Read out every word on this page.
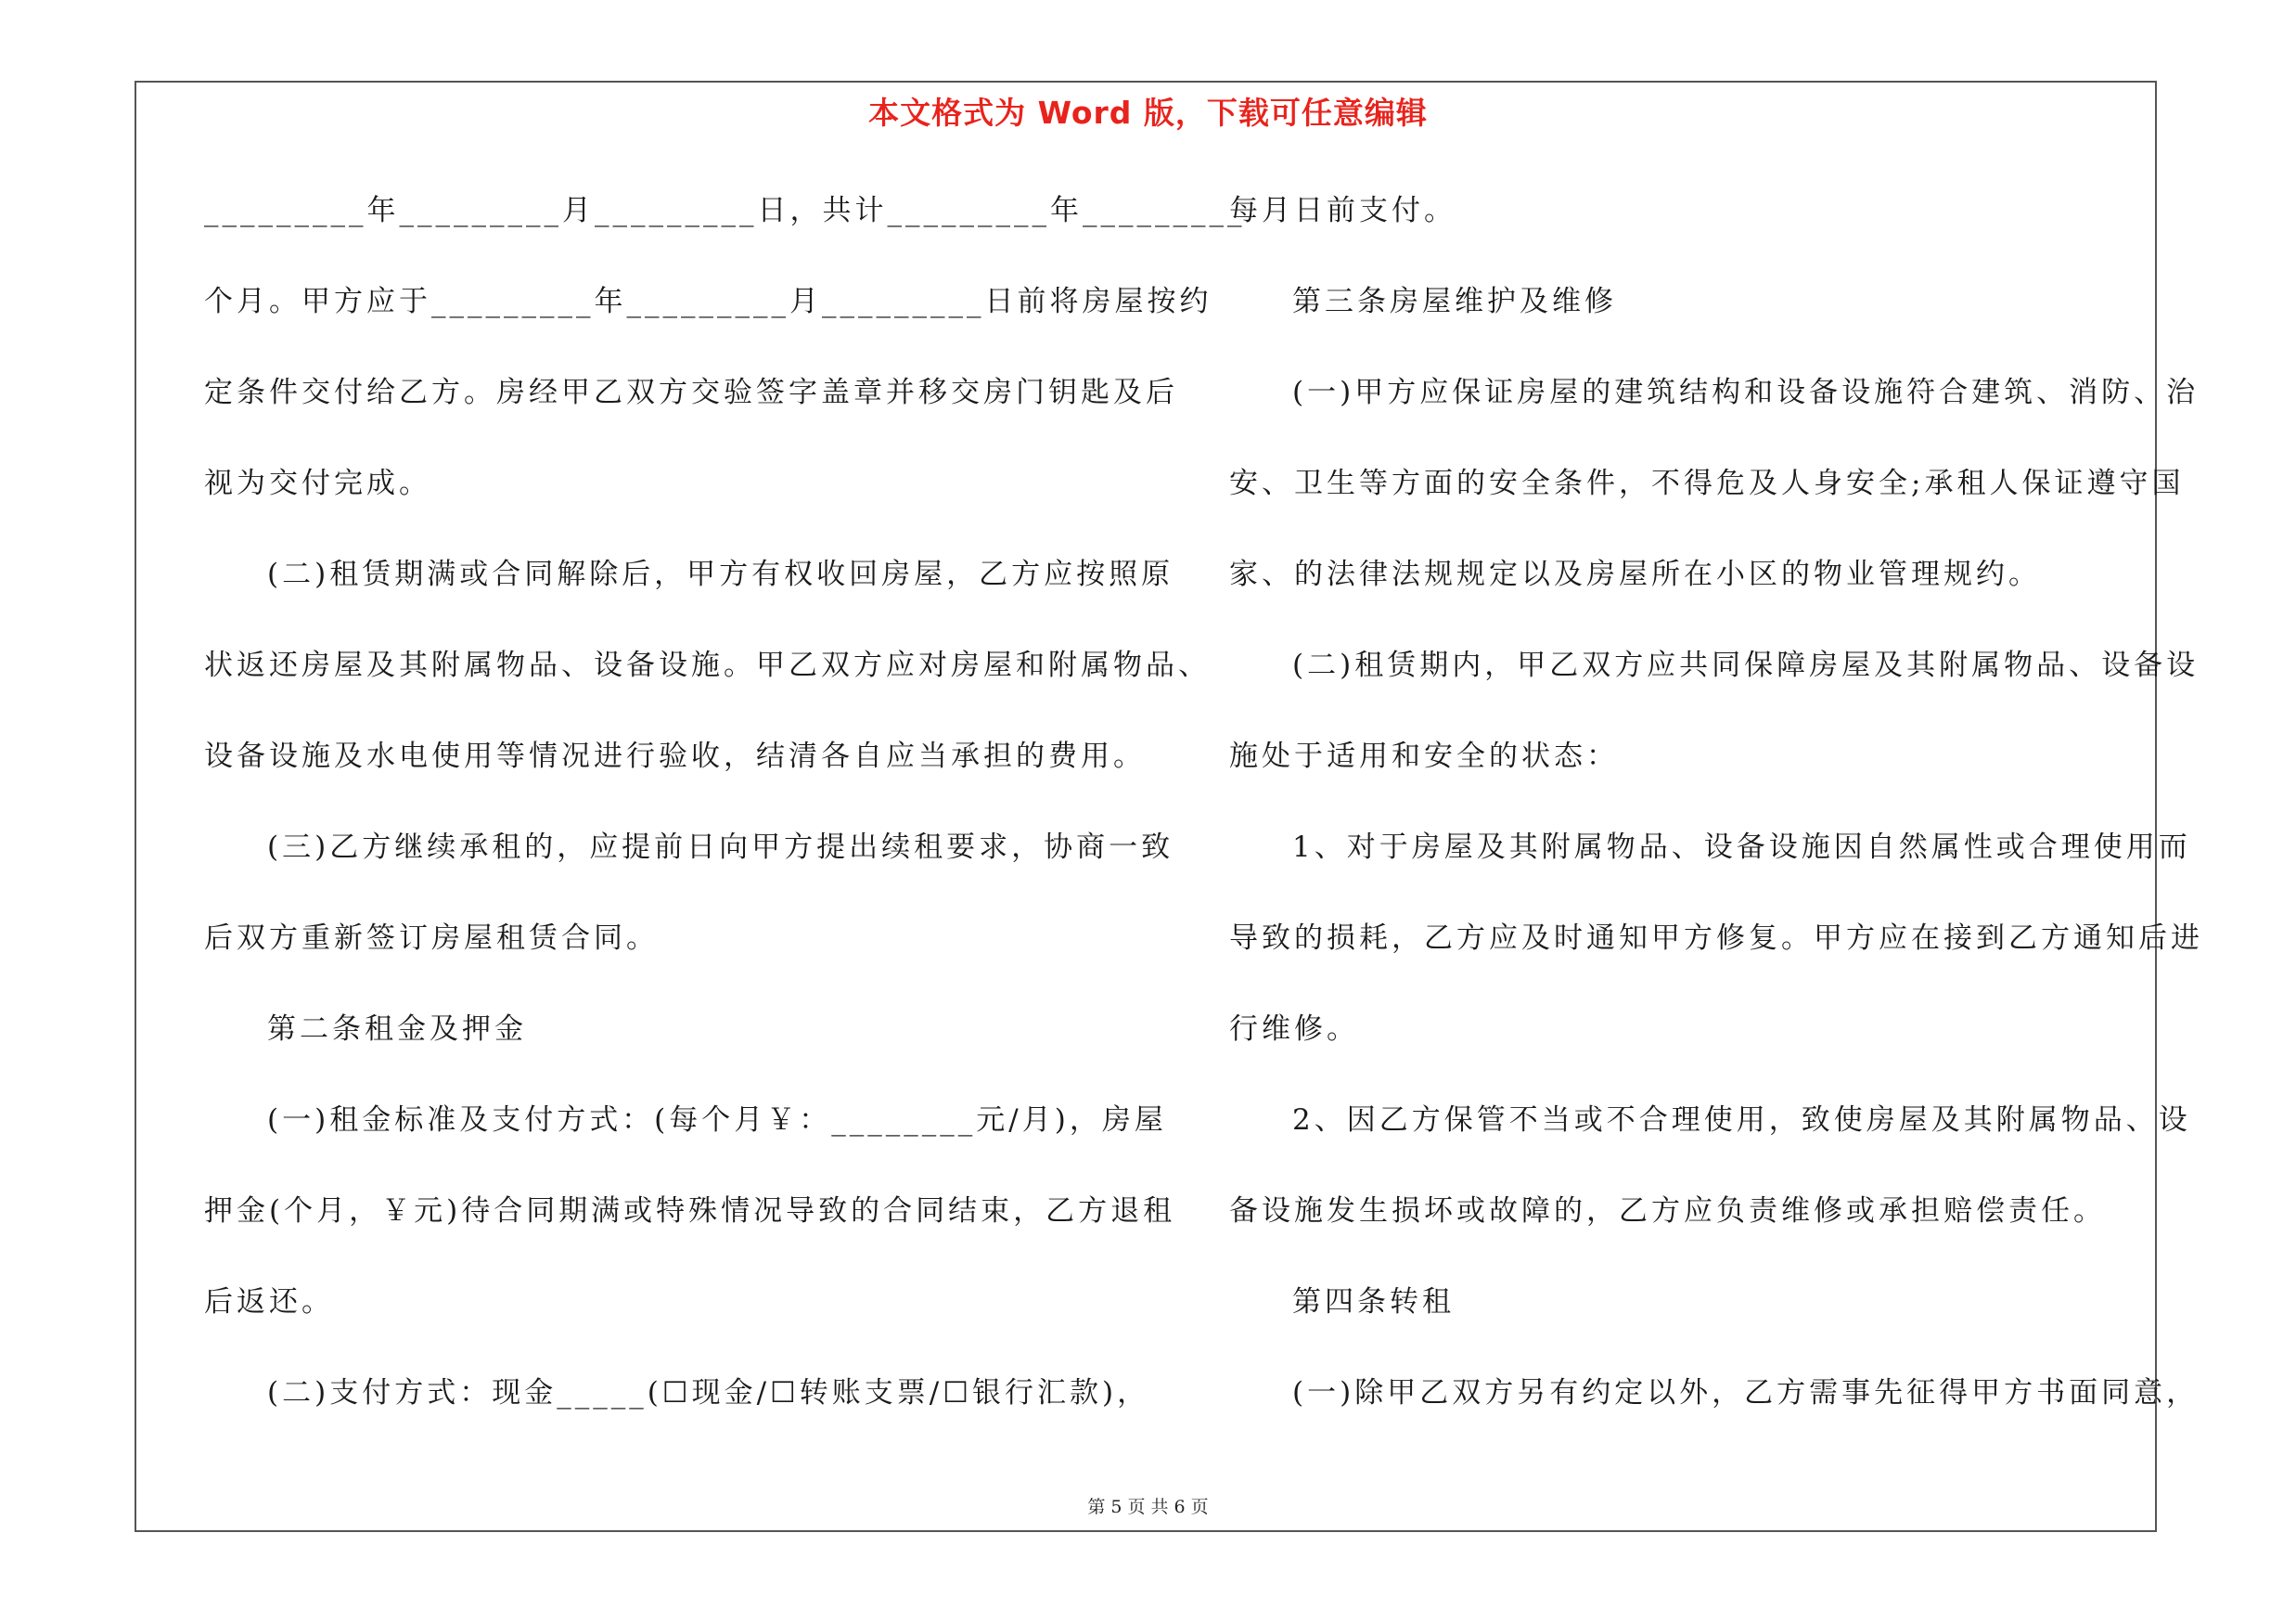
本文格式为 Word 版，下载可任意编辑
_________年_________月_________日，共计_________年_________
个月。甲方应于_________年_________月_________日前将房屋按约
定条件交付给乙方。房经甲乙双方交验签字盖章并移交房门钥匙及后
视为交付完成。
(二)租赁期满或合同解除后，甲方有权收回房屋，乙方应按照原
状返还房屋及其附属物品、设备设施。甲乙双方应对房屋和附属物品、
设备设施及水电使用等情况进行验收，结清各自应当承担的费用。
(三)乙方继续承租的，应提前日向甲方提出续租要求，协商一致
后双方重新签订房屋租赁合同。
第二条租金及押金
(一)租金标准及支付方式：(每个月￥：________元/月)，房屋
押金(个月，￥元)待合同期满或特殊情况导致的合同结束，乙方退租
后返还。
(二)支付方式：现金_____(☐现金/☐转账支票/☐银行汇款)，
每月日前支付。
第三条房屋维护及维修
(一)甲方应保证房屋的建筑结构和设备设施符合建筑、消防、治
安、卫生等方面的安全条件，不得危及人身安全;承租人保证遵守国
家、的法律法规规定以及房屋所在小区的物业管理规约。
(二)租赁期内，甲乙双方应共同保障房屋及其附属物品、设备设
施处于适用和安全的状态：
1、对于房屋及其附属物品、设备设施因自然属性或合理使用而
导致的损耗，乙方应及时通知甲方修复。甲方应在接到乙方通知后进
行维修。
2、因乙方保管不当或不合理使用，致使房屋及其附属物品、设
备设施发生损坏或故障的，乙方应负责维修或承担赔偿责任。
第四条转租
(一)除甲乙双方另有约定以外，乙方需事先征得甲方书面同意，
第 5 页 共 6 页
